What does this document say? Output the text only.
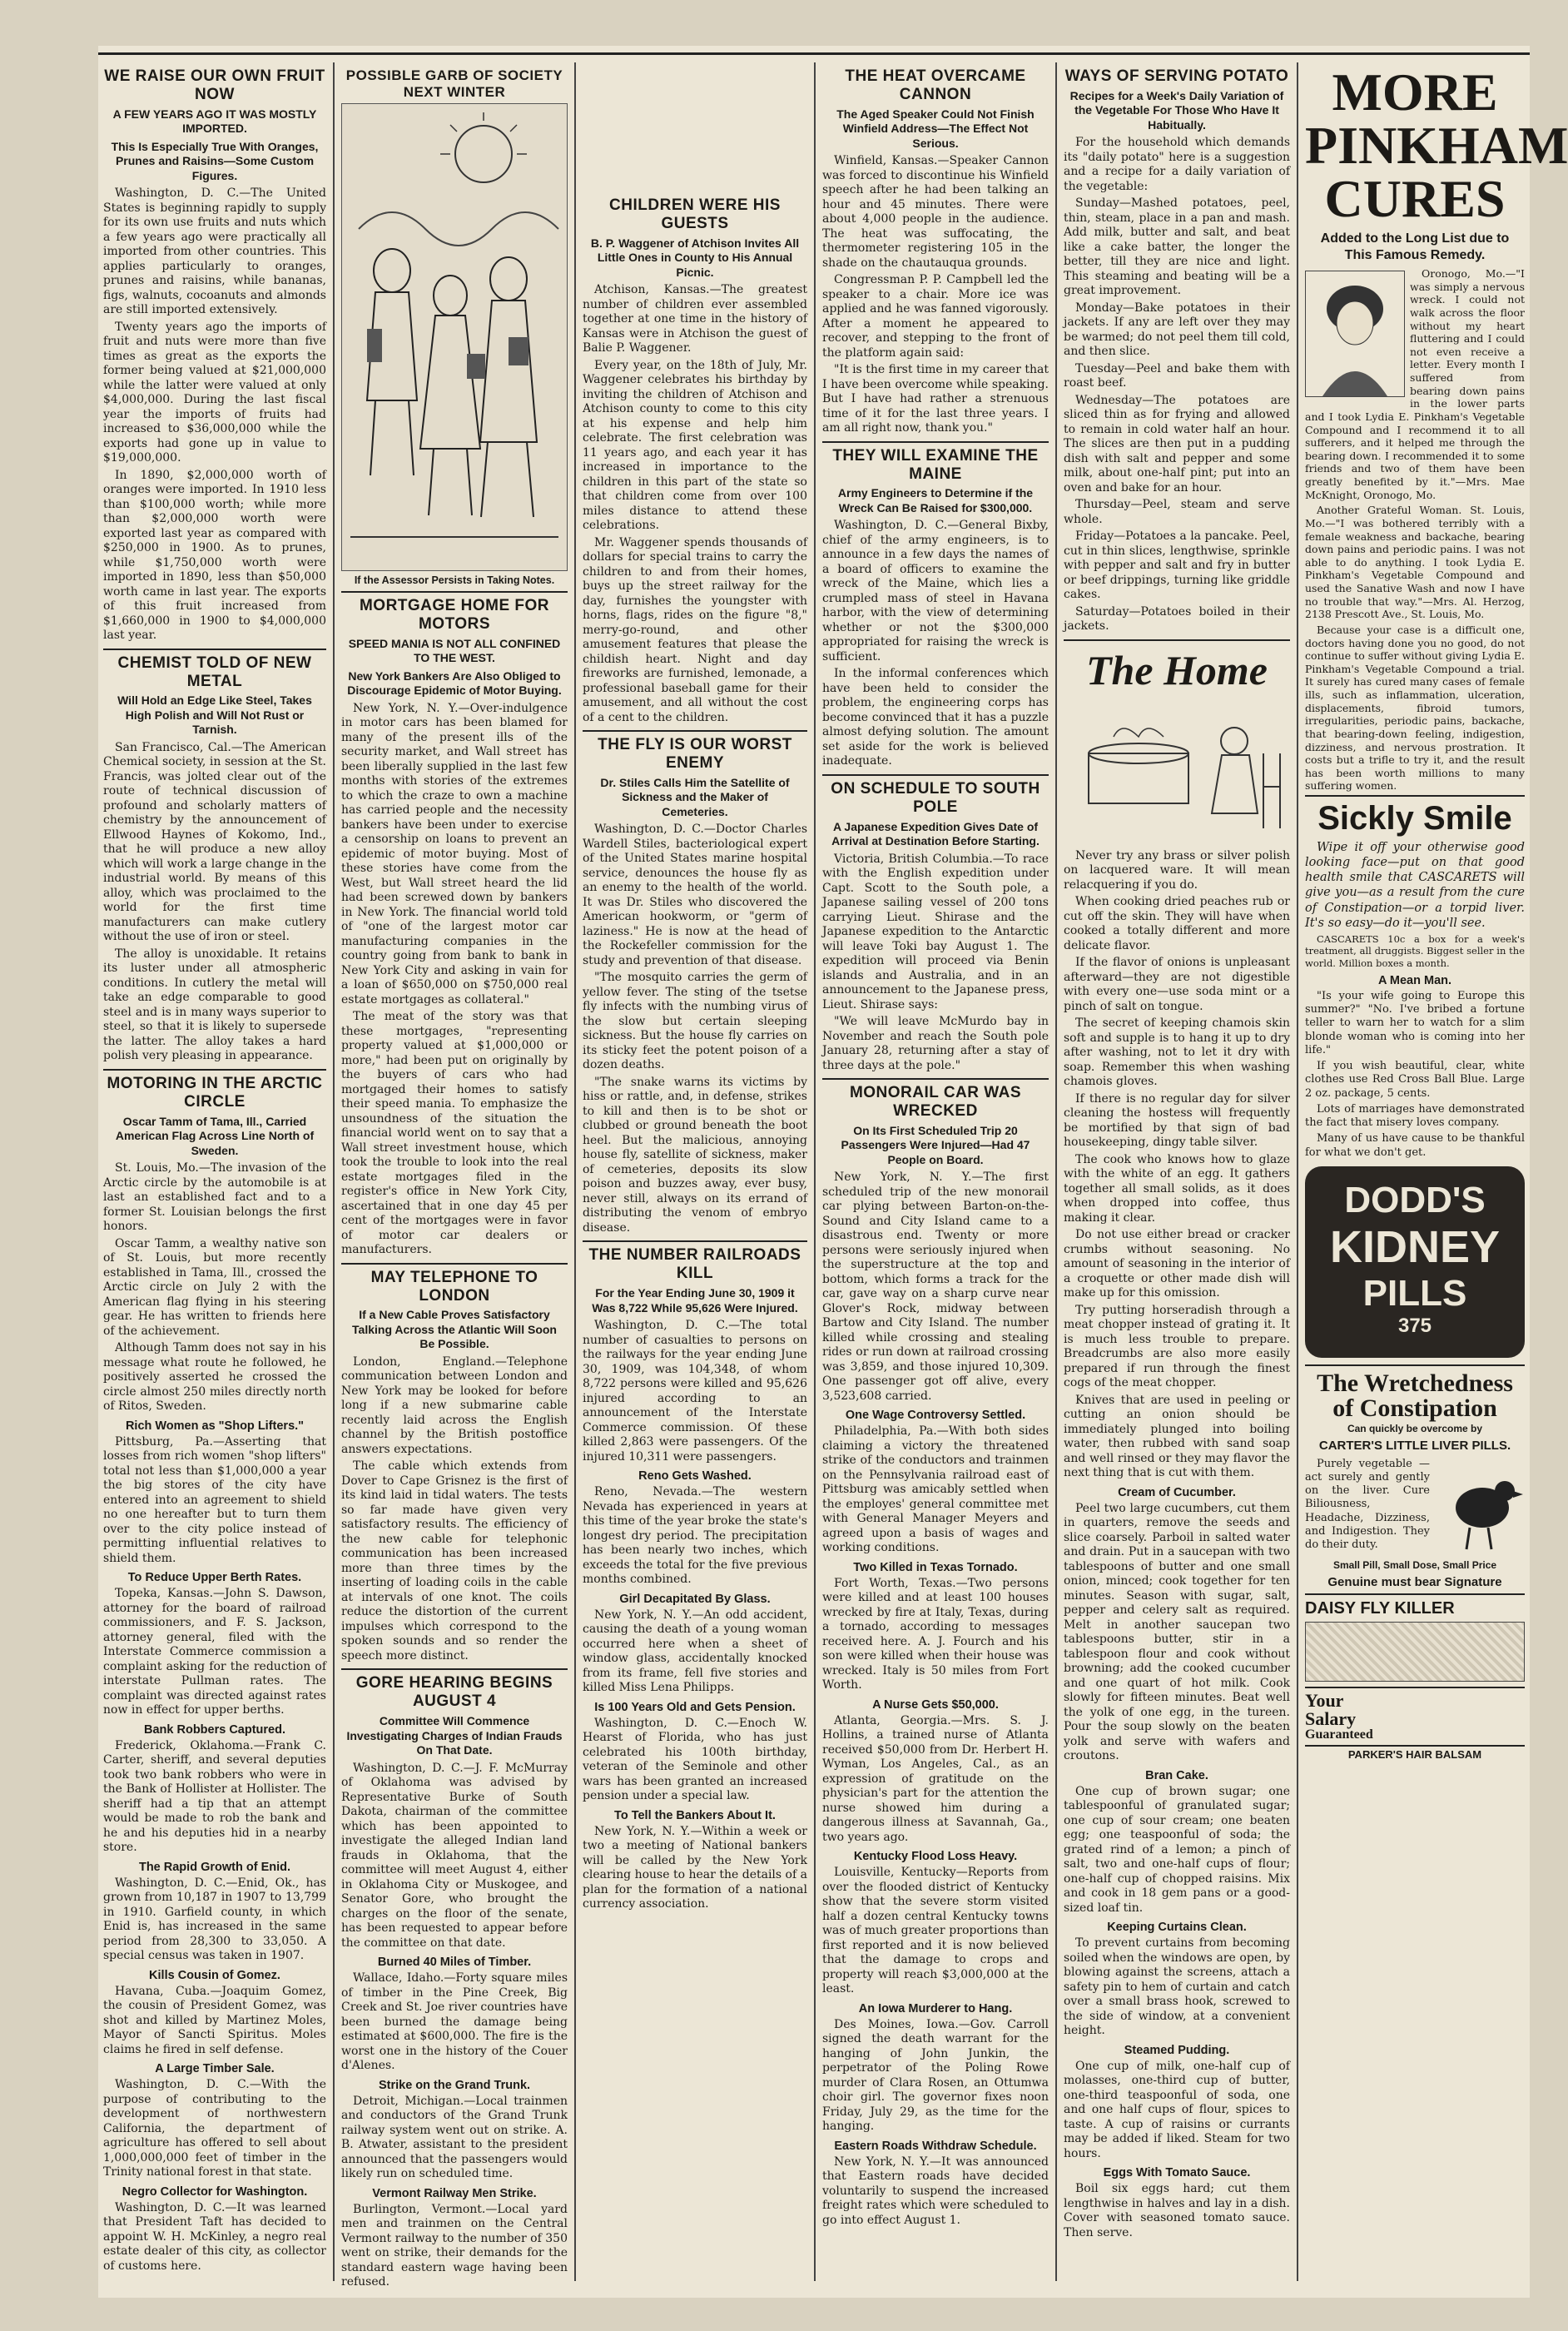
WE RAISE OUR OWN FRUIT NOW
A FEW YEARS AGO IT WAS MOSTLY IMPORTED.
This Is Especially True With Oranges, Prunes and Raisins—Some Custom Figures.

Washington, D. C.—The United States is beginning rapidly to supply for its own use fruits and nuts which a few years ago were practically all imported from other countries. This applies particularly to oranges, prunes and raisins, while bananas, figs, walnuts, cocoanuts and almonds are still imported extensively.

Twenty years ago the imports of fruit and nuts were more than five times as great as the exports the former being valued at $21,000,000 while the latter were valued at only $4,000,000. During the last fiscal year the imports of fruits had increased to $36,000,000 while the exports had gone up in value to $19,000,000.

In 1890, $2,000,000 worth of oranges were imported. In 1910 less than $100,000 worth; while more than $2,000,000 worth were exported last year as compared with $250,000 in 1900. As to prunes, while $1,750,000 worth were imported in 1890, less than $50,000 worth came in last year. The exports of this fruit increased from $1,660,000 in 1900 to $4,000,000 last year.

CHEMIST TOLD OF NEW METAL
Will Hold an Edge Like Steel, Takes High Polish and Will Not Rust or Tarnish.

San Francisco, Cal.—The American Chemical society, in session at the St. Francis, was jolted clear out of the route of technical discussion of profound and scholarly matters of chemistry by the announcement of Ellwood Haynes of Kokomo, Ind., that he will produce a new alloy which will work a large change in the industrial world. By means of this alloy, which was proclaimed to the world for the first time manufacturers can make cutlery without the use of iron or steel.

The alloy is unoxidable. It retains its luster under all atmospheric conditions. In cutlery the metal will take an edge comparable to good steel and is in many ways superior to steel, so that it is likely to supersede the latter. The alloy takes a hard polish very pleasing in appearance.

MOTORING IN THE ARCTIC CIRCLE
Oscar Tamm of Tama, Ill., Carried American Flag Across Line North of Sweden.

St. Louis, Mo.—The invasion of the Arctic circle by the automobile is at last an established fact and to a former St. Louisian belongs the first honors.

Oscar Tamm, a wealthy native son of St. Louis, but more recently established in Tama, Ill., crossed the Arctic circle on July 2 with the American flag flying in his steering gear. He has written to friends here of the achievement.

Although Tamm does not say in his message what route he followed, he positively asserted he crossed the circle almost 250 miles directly north of Ritos, Sweden.

Rich Women as "Shop Lifters."

Pittsburg, Pa.—Asserting that losses from rich women "shop lifters" total not less than $1,000,000 a year the big stores of the city have entered into an agreement to shield no one hereafter but to turn them over to the city police instead of permitting influential relatives to shield them.

To Reduce Upper Berth Rates.

Topeka, Kansas.—John S. Dawson, attorney for the board of railroad commissioners, and F. S. Jackson, attorney general, filed with the Interstate Commerce commission a complaint asking for the reduction of interstate Pullman rates. The complaint was directed against rates now in effect for upper berths.

Bank Robbers Captured.

Frederick, Oklahoma.—Frank C. Carter, sheriff, and several deputies took two bank robbers who were in the Bank of Hollister at Hollister. The sheriff had a tip that an attempt would be made to rob the bank and he and his deputies hid in a nearby store.

The Rapid Growth of Enid.

Washington, D. C.—Enid, Ok., has grown from 10,187 in 1907 to 13,799 in 1910. Garfield county, in which Enid is, has increased in the same period from 28,300 to 33,050. A special census was taken in 1907.

Kills Cousin of Gomez.

Havana, Cuba.—Joaquim Gomez, the cousin of President Gomez, was shot and killed by Martinez Moles, Mayor of Sancti Spiritus. Moles claims he fired in self defense.

A Large Timber Sale.

Washington, D. C.—With the purpose of contributing to the development of northwestern California, the department of agriculture has offered to sell about 1,000,000,000 feet of timber in the Trinity national forest in that state.

Negro Collector for Washington.

Washington, D. C.—It was learned that President Taft has decided to appoint W. H. McKinley, a negro real estate dealer of this city, as collector of customs here.

POSSIBLE GARB OF SOCIETY NEXT WINTER
If the Assessor Persists in Taking Notes.
MORTGAGE HOME FOR MOTORS
SPEED MANIA IS NOT ALL CONFINED TO THE WEST.
New York Bankers Are Also Obliged to Discourage Epidemic of Motor Buying.

New York, N. Y.—Over-indulgence in motor cars has been blamed for many of the present ills of the security market, and Wall street has been liberally supplied in the last few months with stories of the extremes to which the craze to own a machine has carried people and the necessity bankers have been under to exercise a censorship on loans to prevent an epidemic of motor buying. Most of these stories have come from the West, but Wall street heard the lid had been screwed down by bankers in New York. The financial world told of "one of the largest motor car manufacturing companies in the country going from bank to bank in New York City and asking in vain for a loan of $650,000 on $750,000 real estate mortgages as collateral."

The meat of the story was that these mortgages, "representing property valued at $1,000,000 or more," had been put on originally by the buyers of cars who had mortgaged their homes to satisfy their speed mania. To emphasize the unsoundness of the situation the financial world went on to say that a Wall street investment house, which took the trouble to look into the real estate mortgages filed in the register's office in New York City, ascertained that in one day 45 per cent of the mortgages were in favor of motor car dealers or manufacturers.

MAY TELEPHONE TO LONDON
If a New Cable Proves Satisfactory Talking Across the Atlantic Will Soon Be Possible.

London, England.—Telephone communication between London and New York may be looked for before long if a new submarine cable recently laid across the English channel by the British postoffice answers expectations.

The cable which extends from Dover to Cape Grisnez is the first of its kind laid in tidal waters. The tests so far made have given very satisfactory results. The efficiency of the new cable for telephonic communication has been increased more than three times by the inserting of loading coils in the cable at intervals of one knot. The coils reduce the distortion of the current impulses which correspond to the spoken sounds and so render the speech more distinct.

GORE HEARING BEGINS AUGUST 4
Committee Will Commence Investigating Charges of Indian Frauds On That Date.

Washington, D. C.—J. F. McMurray of Oklahoma was advised by Representative Burke of South Dakota, chairman of the committee which has been appointed to investigate the alleged Indian land frauds in Oklahoma, that the committee will meet August 4, either in Oklahoma City or Muskogee, and Senator Gore, who brought the charges on the floor of the senate, has been requested to appear before the committee on that date.

Burned 40 Miles of Timber.

Wallace, Idaho.—Forty square miles of timber in the Pine Creek, Big Creek and St. Joe river countries have been burned the damage being estimated at $600,000. The fire is the worst one in the history of the Couer d'Alenes.

Strike on the Grand Trunk.

Detroit, Michigan.—Local trainmen and conductors of the Grand Trunk railway system went out on strike. A. B. Atwater, assistant to the president announced that the passengers would likely run on scheduled time.

Vermont Railway Men Strike.

Burlington, Vermont.—Local yard men and trainmen on the Central Vermont railway to the number of 350 went on strike, their demands for the standard eastern wage having been refused.

CHILDREN WERE HIS GUESTS
B. P. Waggener of Atchison Invites All Little Ones in County to His Annual Picnic.

Atchison, Kansas.—The greatest number of children ever assembled together at one time in the history of Kansas were in Atchison the guest of Balie P. Waggener.

Every year, on the 18th of July, Mr. Waggener celebrates his birthday by inviting the children of Atchison and Atchison county to come to this city at his expense and help him celebrate. The first celebration was 11 years ago, and each year it has increased in importance to the children in this part of the state so that children come from over 100 miles distance to attend these celebrations.

Mr. Waggener spends thousands of dollars for special trains to carry the children to and from their homes, buys up the street railway for the day, furnishes the youngster with horns, flags, rides on the figure "8," merry-go-round, and other amusement features that please the childish heart. Night and day fireworks are furnished, lemonade, a professional baseball game for their amusement, and all without the cost of a cent to the children.

THE FLY IS OUR WORST ENEMY
Dr. Stiles Calls Him the Satellite of Sickness and the Maker of Cemeteries.

Washington, D. C.—Doctor Charles Wardell Stiles, bacteriological expert of the United States marine hospital service, denounces the house fly as an enemy to the health of the world. It was Dr. Stiles who discovered the American hookworm, or "germ of laziness." He is now at the head of the Rockefeller commission for the study and prevention of that disease.

"The mosquito carries the germ of yellow fever. The sting of the tsetse fly infects with the numbing virus of the slow but certain sleeping sickness. But the house fly carries on its sticky feet the potent poison of a dozen deaths.

"The snake warns its victims by hiss or rattle, and, in defense, strikes to kill and then is to be shot or clubbed or ground beneath the boot heel. But the malicious, annoying house fly, satellite of sickness, maker of cemeteries, deposits its slow poison and buzzes away, ever busy, never still, always on its errand of distributing the venom of embryo disease.

THE NUMBER RAILROADS KILL
For the Year Ending June 30, 1909 it Was 8,722 While 95,626 Were Injured.

Washington, D. C.—The total number of casualties to persons on the railways for the year ending June 30, 1909, was 104,348, of whom 8,722 persons were killed and 95,626 injured according to an announcement of the Interstate Commerce commission. Of these killed 2,863 were passengers. Of the injured 10,311 were passengers.

Reno Gets Washed.

Reno, Nevada.—The western Nevada has experienced in years at this time of the year broke the state's longest dry period. The precipitation has been nearly two inches, which exceeds the total for the five previous months combined.

Girl Decapitated By Glass.

New York, N. Y.—An odd accident, causing the death of a young woman occurred here when a sheet of window glass, accidentally knocked from its frame, fell five stories and killed Miss Lena Philipps.

Is 100 Years Old and Gets Pension.

Washington, D. C.—Enoch W. Hearst of Florida, who has just celebrated his 100th birthday, veteran of the Seminole and other wars has been granted an increased pension under a special law.

To Tell the Bankers About It.

New York, N. Y.—Within a week or two a meeting of National bankers will be called by the New York clearing house to hear the details of a plan for the formation of a national currency association.

THE HEAT OVERCAME CANNON
The Aged Speaker Could Not Finish Winfield Address—The Effect Not Serious.

Winfield, Kansas.—Speaker Cannon was forced to discontinue his Winfield speech after he had been talking an hour and 45 minutes. There were about 4,000 people in the audience. The heat was suffocating, the thermometer registering 105 in the shade on the chautauqua grounds.

Congressman P. P. Campbell led the speaker to a chair. More ice was applied and he was fanned vigorously. After a moment he appeared to recover, and stepping to the front of the platform again said:

"It is the first time in my career that I have been overcome while speaking. But I have had rather a strenuous time of it for the last three years. I am all right now, thank you."

THEY WILL EXAMINE THE MAINE
Army Engineers to Determine if the Wreck Can Be Raised for $300,000.

Washington, D. C.—General Bixby, chief of the army engineers, is to announce in a few days the names of a board of officers to examine the wreck of the Maine, which lies a crumpled mass of steel in Havana harbor, with the view of determining whether or not the $300,000 appropriated for raising the wreck is sufficient.

In the informal conferences which have been held to consider the problem, the engineering corps has become convinced that it has a puzzle almost defying solution. The amount set aside for the work is believed inadequate.

ON SCHEDULE TO SOUTH POLE
A Japanese Expedition Gives Date of Arrival at Destination Before Starting.

Victoria, British Columbia.—To race with the English expedition under Capt. Scott to the South pole, a Japanese sailing vessel of 200 tons carrying Lieut. Shirase and the Japanese expedition to the Antarctic will leave Toki bay August 1. The expedition will proceed via Benin islands and Australia, and in an announcement to the Japanese press, Lieut. Shirase says:

"We will leave McMurdo bay in November and reach the South pole January 28, returning after a stay of three days at the pole."

MONORAIL CAR WAS WRECKED
On Its First Scheduled Trip 20 Passengers Were Injured—Had 47 People on Board.

New York, N. Y.—The first scheduled trip of the new monorail car plying between Barton-on-the-Sound and City Island came to a disastrous end. Twenty or more persons were seriously injured when the superstructure at the top and bottom, which forms a track for the car, gave way on a sharp curve near Glover's Rock, midway between Bartow and City Island. The number killed while crossing and stealing rides or run down at railroad crossing was 3,859, and those injured 10,309. One passenger got off alive, every 3,523,608 carried.

One Wage Controversy Settled.

Philadelphia, Pa.—With both sides claiming a victory the threatened strike of the conductors and trainmen on the Pennsylvania railroad east of Pittsburg was amicably settled when the employes' general committee met with General Manager Meyers and agreed upon a basis of wages and working conditions.

Two Killed in Texas Tornado.

Fort Worth, Texas.—Two persons were killed and at least 100 houses wrecked by fire at Italy, Texas, during a tornado, according to messages received here. A. J. Fourch and his son were killed when their house was wrecked. Italy is 50 miles from Fort Worth.

A Nurse Gets $50,000.

Atlanta, Georgia.—Mrs. S. J. Hollins, a trained nurse of Atlanta received $50,000 from Dr. Herbert H. Wyman, Los Angeles, Cal., as an expression of gratitude on the physician's part for the attention the nurse showed him during a dangerous illness at Savannah, Ga., two years ago.

Kentucky Flood Loss Heavy.

Louisville, Kentucky—Reports from over the flooded district of Kentucky show that the severe storm visited half a dozen central Kentucky towns was of much greater proportions than first reported and it is now believed that the damage to crops and property will reach $3,000,000 at the least.

An Iowa Murderer to Hang.

Des Moines, Iowa.—Gov. Carroll signed the death warrant for the hanging of John Junkin, the perpetrator of the Poling Rowe murder of Clara Rosen, an Ottumwa choir girl. The governor fixes noon Friday, July 29, as the time for the hanging.

Eastern Roads Withdraw Schedule.

New York, N. Y.—It was announced that Eastern roads have decided voluntarily to suspend the increased freight rates which were scheduled to go into effect August 1.

WAYS OF SERVING POTATO
Recipes for a Week's Daily Variation of the Vegetable For Those Who Have It Habitually.

For the household which demands its "daily potato" here is a suggestion and a recipe for a daily variation of the vegetable:

Sunday—Mashed potatoes, peel, thin, steam, place in a pan and mash. Add milk, butter and salt, and beat like a cake batter, the longer the better, till they are nice and light. This steaming and beating will be a great improvement.

Monday—Bake potatoes in their jackets. If any are left over they may be warmed; do not peel them till cold, and then slice.

Tuesday—Peel and bake them with roast beef.

Wednesday—The potatoes are sliced thin as for frying and allowed to remain in cold water half an hour. The slices are then put in a pudding dish with salt and pepper and some milk, about one-half pint; put into an oven and bake for an hour.

Thursday—Peel, steam and serve whole.

Friday—Potatoes a la pancake. Peel, cut in thin slices, lengthwise, sprinkle with pepper and salt and fry in butter or beef drippings, turning like griddle cakes.

Saturday—Potatoes boiled in their jackets.

The Home

Never try any brass or silver polish on lacquered ware. It will mean relacquering if you do.

When cooking dried peaches rub or cut off the skin. They will have when cooked a totally different and more delicate flavor.

If the flavor of onions is unpleasant afterward—they are not digestible with every one—use soda mint or a pinch of salt on tongue.

The secret of keeping chamois skin soft and supple is to hang it up to dry after washing, not to let it dry with soap. Remember this when washing chamois gloves.

If there is no regular day for silver cleaning the hostess will frequently be mortified by that sign of bad housekeeping, dingy table silver.

The cook who knows how to glaze with the white of an egg. It gathers together all small solids, as it does when dropped into coffee, thus making it clear.

Do not use either bread or cracker crumbs without seasoning. No amount of seasoning in the interior of a croquette or other made dish will make up for this omission.

Try putting horseradish through a meat chopper instead of grating it. It is much less trouble to prepare. Breadcrumbs are also more easily prepared if run through the finest cogs of the meat chopper.

Knives that are used in peeling or cutting an onion should be immediately plunged into boiling water, then rubbed with sand soap and well rinsed or they may flavor the next thing that is cut with them.

Cream of Cucumber.

Peel two large cucumbers, cut them in quarters, remove the seeds and slice coarsely. Parboil in salted water and drain. Put in a saucepan with two tablespoons of butter and one small onion, minced; cook together for ten minutes. Season with sugar, salt, pepper and celery salt as required. Melt in another saucepan two tablespoons butter, stir in a tablespoon flour and cook without browning; add the cooked cucumber and one quart of hot milk. Cook slowly for fifteen minutes. Beat well the yolk of one egg, in the tureen. Pour the soup slowly on the beaten yolk and serve with wafers and croutons.

Bran Cake.

One cup of brown sugar; one tablespoonful of granulated sugar; one cup of sour cream; one beaten egg; one teaspoonful of soda; the grated rind of a lemon; a pinch of salt, two and one-half cups of flour; one-half cup of chopped raisins. Mix and cook in 18 gem pans or a good-sized loaf tin.

Keeping Curtains Clean.

To prevent curtains from becoming soiled when the windows are open, by blowing against the screens, attach a safety pin to hem of curtain and catch over a small brass hook, screwed to the side of window, at a convenient height.

Steamed Pudding.

One cup of milk, one-half cup of molasses, one-third cup of butter, one-third teaspoonful of soda, one and one half cups of flour, spices to taste. A cup of raisins or currants may be added if liked. Steam for two hours.

Eggs With Tomato Sauce.

Boil six eggs hard; cut them lengthwise in halves and lay in a dish. Cover with seasoned tomato sauce. Then serve.

MORE
PINKHAM
CURES
Added to the Long List due to This Famous Remedy.

Oronogo, Mo.—"I was simply a nervous wreck. I could not walk across the floor without my heart fluttering and I could not even receive a letter. Every month I suffered from bearing down pains in the lower parts and I took Lydia E. Pinkham's Vegetable Compound and I recommend it to all sufferers, and it helped me through the bearing down. I recommended it to some friends and two of them have been greatly benefited by it."—Mrs. Mae McKnight, Oronogo, Mo.

Another Grateful Woman. St. Louis, Mo.—"I was bothered terribly with a female weakness and backache, bearing down pains and periodic pains. I was not able to do anything. I took Lydia E. Pinkham's Vegetable Compound and used the Sanative Wash and now I have no trouble that way."—Mrs. Al. Herzog, 2138 Prescott Ave., St. Louis, Mo.

Because your case is a difficult one, doctors having done you no good, do not continue to suffer without giving Lydia E. Pinkham's Vegetable Compound a trial. It surely has cured many cases of female ills, such as inflammation, ulceration, displacements, fibroid tumors, irregularities, periodic pains, backache, that bearing-down feeling, indigestion, dizziness, and nervous prostration. It costs but a trifle to try it, and the result has been worth millions to many suffering women.

Sickly Smile

Wipe it off your otherwise good looking face—put on that good health smile that CASCARETS will give you—as a result from the cure of Constipation—or a torpid liver. It's so easy—do it—you'll see.

CASCARETS 10c a box for a week's treatment, all druggists. Biggest seller in the world. Million boxes a month.

A Mean Man.

"Is your wife going to Europe this summer?" "No. I've bribed a fortune teller to warn her to watch for a slim blonde woman who is coming into her life."

If you wish beautiful, clear, white clothes use Red Cross Ball Blue. Large 2 oz. package, 5 cents.

Lots of marriages have demonstrated the fact that misery loves company.

Many of us have cause to be thankful for what we don't get.

DODD'S
KIDNEY
PILLS
375
The Wretchedness
of Constipation
Can quickly be overcome by
CARTER'S LITTLE LIVER PILLS.

Purely vegetable —act surely and gently on the liver. Cure Biliousness, Headache, Dizziness, and Indigestion. They do their duty.

Small Pill, Small Dose, Small Price
Genuine must bear Signature
DAISY FLY KILLER
Your
Salary
Guaranteed
PARKER'S HAIR BALSAM
